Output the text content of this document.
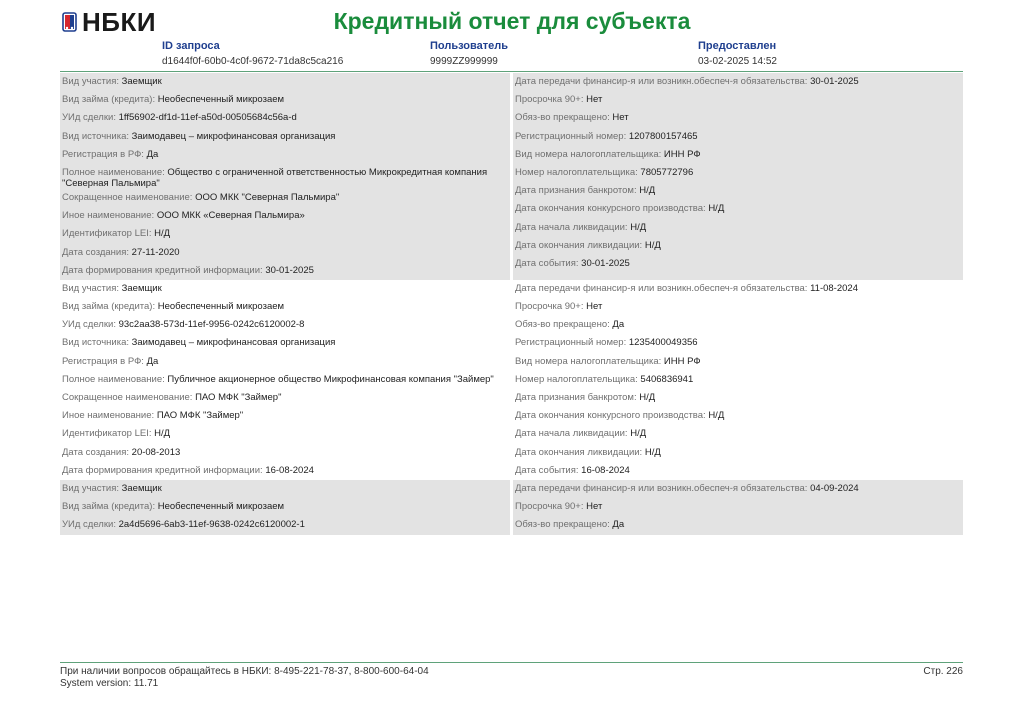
НБКИ	Кредитный отчет для субъекта
ID запроса
d1644f0f-60b0-4c0f-9672-71da8c5ca216
Пользователь
9999ZZ999999
Предоставлен
03-02-2025 14:52
Вид участия: Заемщик
Вид займа (кредита): Необеспеченный микрозаем
УИд сделки: 1ff56902-df1d-11ef-a50d-00505684c56a-d
Вид источника: Заимодавец – микрофинансовая организация
Регистрация в РФ: Да
Полное наименование: Общество с ограниченной ответственностью Микрокредитная компания "Северная Пальмира"
Сокращенное наименование: ООО МКК "Северная Пальмира"
Иное наименование: ООО МКК «Северная Пальмира»
Идентификатор LEI: Н/Д
Дата создания: 27-11-2020
Дата формирования кредитной информации: 30-01-2025
Дата передачи финансир-я или возникн.обеспеч-я обязательства: 30-01-2025
Просрочка 90+: Нет
Обяз-во прекращено: Нет
Регистрационный номер: 1207800157465
Вид номера налогоплательщика: ИНН РФ
Номер налогоплательщика: 7805772796
Дата признания банкротом: Н/Д
Дата окончания конкурсного производства: Н/Д
Дата начала ликвидации: Н/Д
Дата окончания ликвидации: Н/Д
Дата события: 30-01-2025
Вид участия: Заемщик
Вид займа (кредита): Необеспеченный микрозаем
УИд сделки: 93c2aa38-573d-11ef-9956-0242c6120002-8
Вид источника: Заимодавец – микрофинансовая организация
Регистрация в РФ: Да
Полное наименование: Публичное акционерное общество Микрофинансовая компания "Займер"
Сокращенное наименование: ПАО МФК "Займер"
Иное наименование: ПАО МФК "Займер"
Идентификатор LEI: Н/Д
Дата создания: 20-08-2013
Дата формирования кредитной информации: 16-08-2024
Дата передачи финансир-я или возникн.обеспеч-я обязательства: 11-08-2024
Просрочка 90+: Нет
Обяз-во прекращено: Да
Регистрационный номер: 1235400049356
Вид номера налогоплательщика: ИНН РФ
Номер налогоплательщика: 5406836941
Дата признания банкротом: Н/Д
Дата окончания конкурсного производства: Н/Д
Дата начала ликвидации: Н/Д
Дата окончания ликвидации: Н/Д
Дата события: 16-08-2024
Вид участия: Заемщик
Вид займа (кредита): Необеспеченный микрозаем
УИд сделки: 2a4d5696-6ab3-11ef-9638-0242c6120002-1
Дата передачи финансир-я или возникн.обеспеч-я обязательства: 04-09-2024
Просрочка 90+: Нет
Обяз-во прекращено: Да
При наличии вопросов обращайтесь в НБКИ: 8-495-221-78-37, 8-800-600-64-04
System version: 11.71
Стр. 226
